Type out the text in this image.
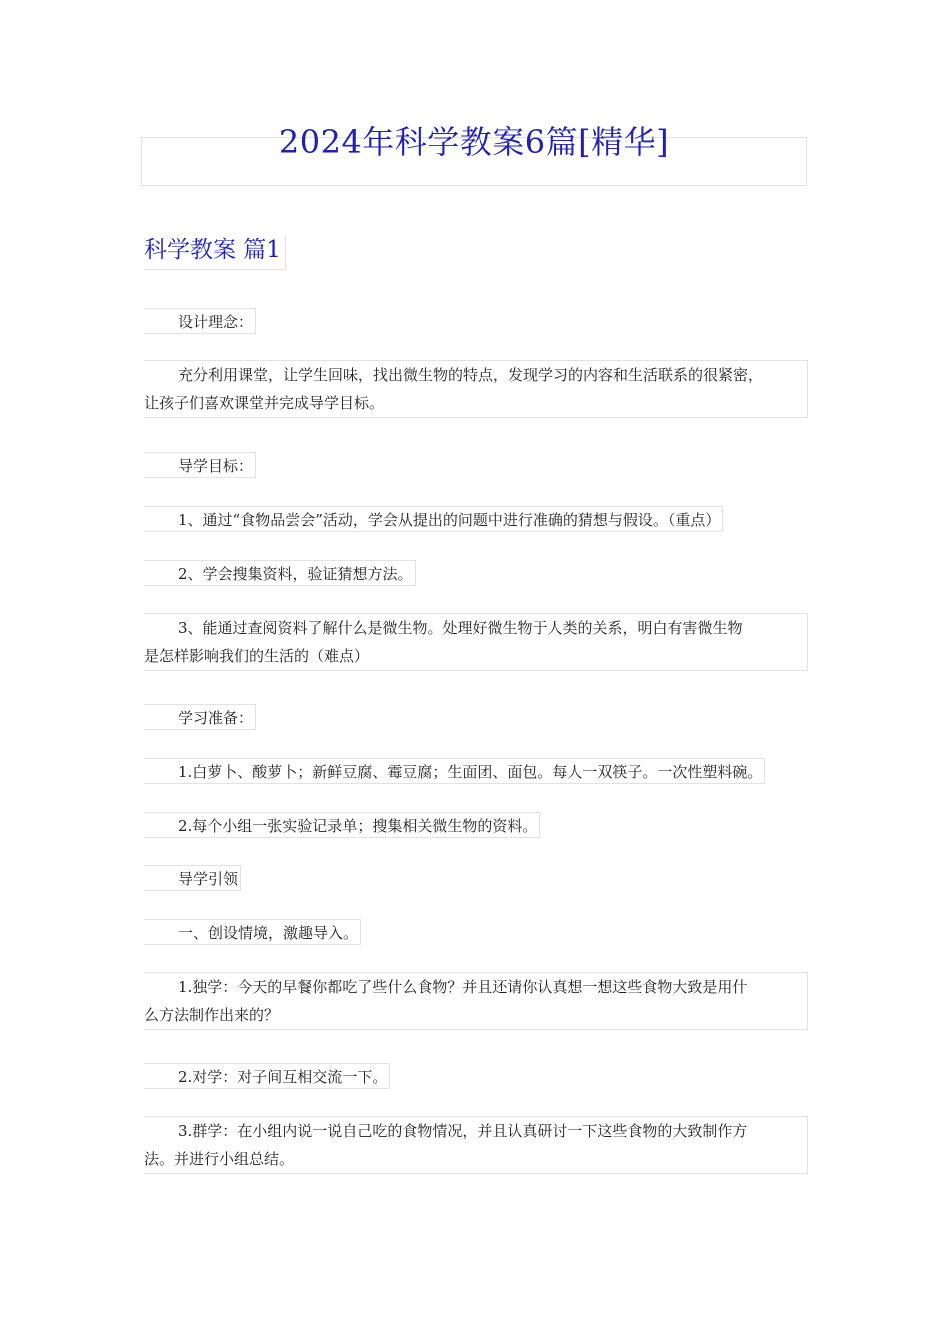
2024年科学教案6篇[精华]
科学教案 篇1
设计理念：
充分利用课堂，让学生回味，找出微生物的特点，发现学习的内容和生活联系的很紧密，
让孩子们喜欢课堂并完成导学目标。
导学目标：
1、通过“食物品尝会”活动，学会从提出的问题中进行准确的猜想与假设。（重点）
2、学会搜集资料，验证猜想方法。
3、能通过查阅资料了解什么是微生物。处理好微生物于人类的关系，明白有害微生物
是怎样影响我们的生活的（难点）
学习准备：
1.白萝卜、酸萝卜；新鲜豆腐、霉豆腐；生面团、面包。每人一双筷子。一次性塑料碗。
2.每个小组一张实验记录单；搜集相关微生物的资料。
导学引领
一、创设情境，激趣导入。
1.独学：今天的早餐你都吃了些什么食物？并且还请你认真想一想这些食物大致是用什
么方法制作出来的？
2.对学：对子间互相交流一下。
3.群学：在小组内说一说自己吃的食物情况，并且认真研讨一下这些食物的大致制作方
法。并进行小组总结。
